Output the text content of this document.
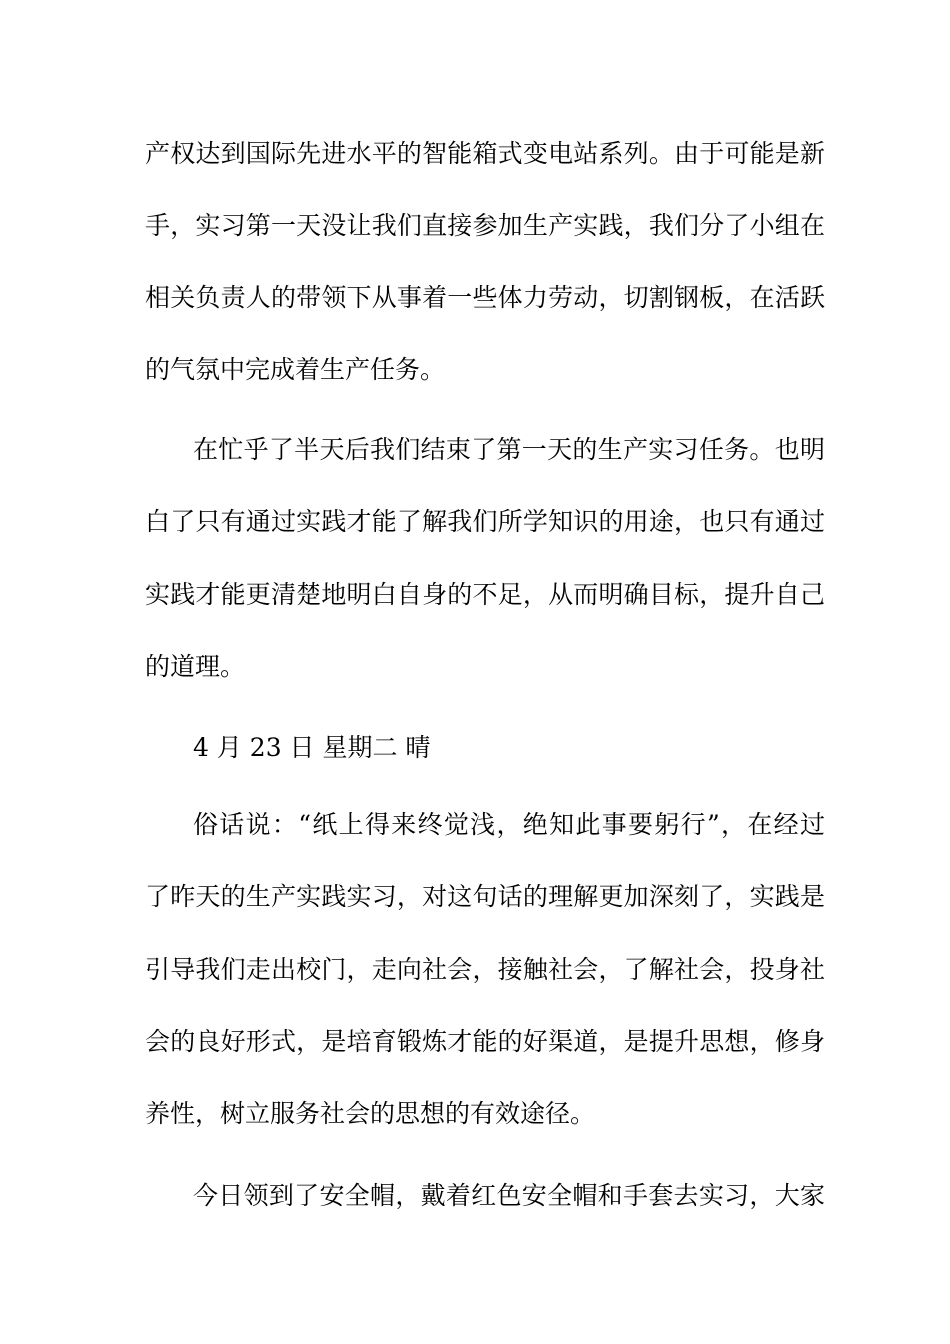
产权达到国际先进水平的智能箱式变电站系列。由于可能是新
手，实习第一天没让我们直接参加生产实践，我们分了小组在
相关负责人的带领下从事着一些体力劳动，切割钢板，在活跃
的气氛中完成着生产任务。
在忙乎了半天后我们结束了第一天的生产实习任务。也明
白了只有通过实践才能了解我们所学知识的用途，也只有通过
实践才能更清楚地明白自身的不足，从而明确目标，提升自己
的道理。
4 月 23 日 星期二 晴
俗话说：“纸上得来终觉浅，绝知此事要躬行”，在经过
了昨天的生产实践实习，对这句话的理解更加深刻了，实践是
引导我们走出校门，走向社会，接触社会，了解社会，投身社
会的良好形式，是培育锻炼才能的好渠道，是提升思想，修身
养性，树立服务社会的思想的有效途径。
今日领到了安全帽，戴着红色安全帽和手套去实习，大家
